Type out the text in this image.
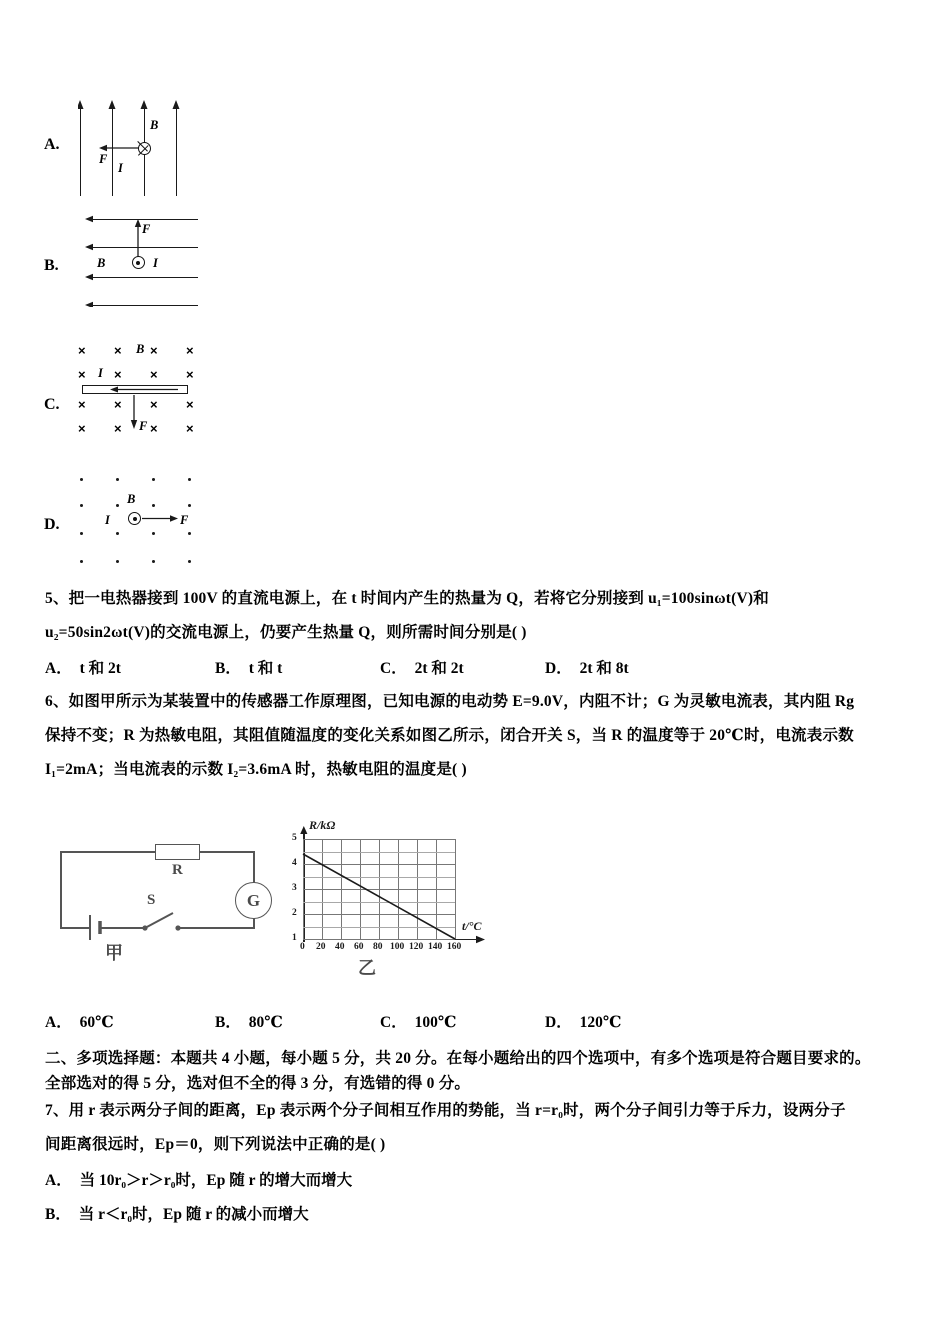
A.
B
F
I
B.
F
B	I
C.
× × × ×
× × × ×
× × × ×
× × × ×
B
I
F
D.
B
I	F
5、把一电热器接到 100V 的直流电源上，在 t 时间内产生的热量为 Q，若将它分别接到 u₁=100sinωt(V)和
u₂=50sin2ωt(V)的交流电源上，仍要产生热量 Q，则所需时间分别是( )
A． t 和 2t	B． t 和 t	C． 2t 和 2t	D． 2t 和 8t
6、如图甲所示为某装置中的传感器工作原理图，已知电源的电动势 E=9.0V，内阻不计；G 为灵敏电流表，其内阻 Rg
保持不变；R 为热敏电阻，其阻值随温度的变化关系如图乙所示，闭合开关 S，当 R 的温度等于 20℃时，电流表示数
I₁=2mA；当电流表的示数 I₂=3.6mA 时，热敏电阻的温度是( )
R
G
S
甲
5
4
3
2
1
0 20 40 60 80 100 120 140 160
R/kΩ
t/°C
乙
A． 60℃	B． 80℃	C． 100℃	D． 120℃
二、多项选择题：本题共 4 小题，每小题 5 分，共 20 分。在每小题给出的四个选项中，有多个选项是符合题目要求的。
全部选对的得 5 分，选对但不全的得 3 分，有选错的得 0 分。
7、用 r 表示两分子间的距离，Ep 表示两个分子间相互作用的势能，当 r=r₀时，两个分子间引力等于斥力，设两分子
间距离很远时，Ep＝0，则下列说法中正确的是( )
A． 当 10r₀＞r＞r₀时，Ep 随 r 的增大而增大
B． 当 r＜r₀时，Ep 随 r 的减小而增大
